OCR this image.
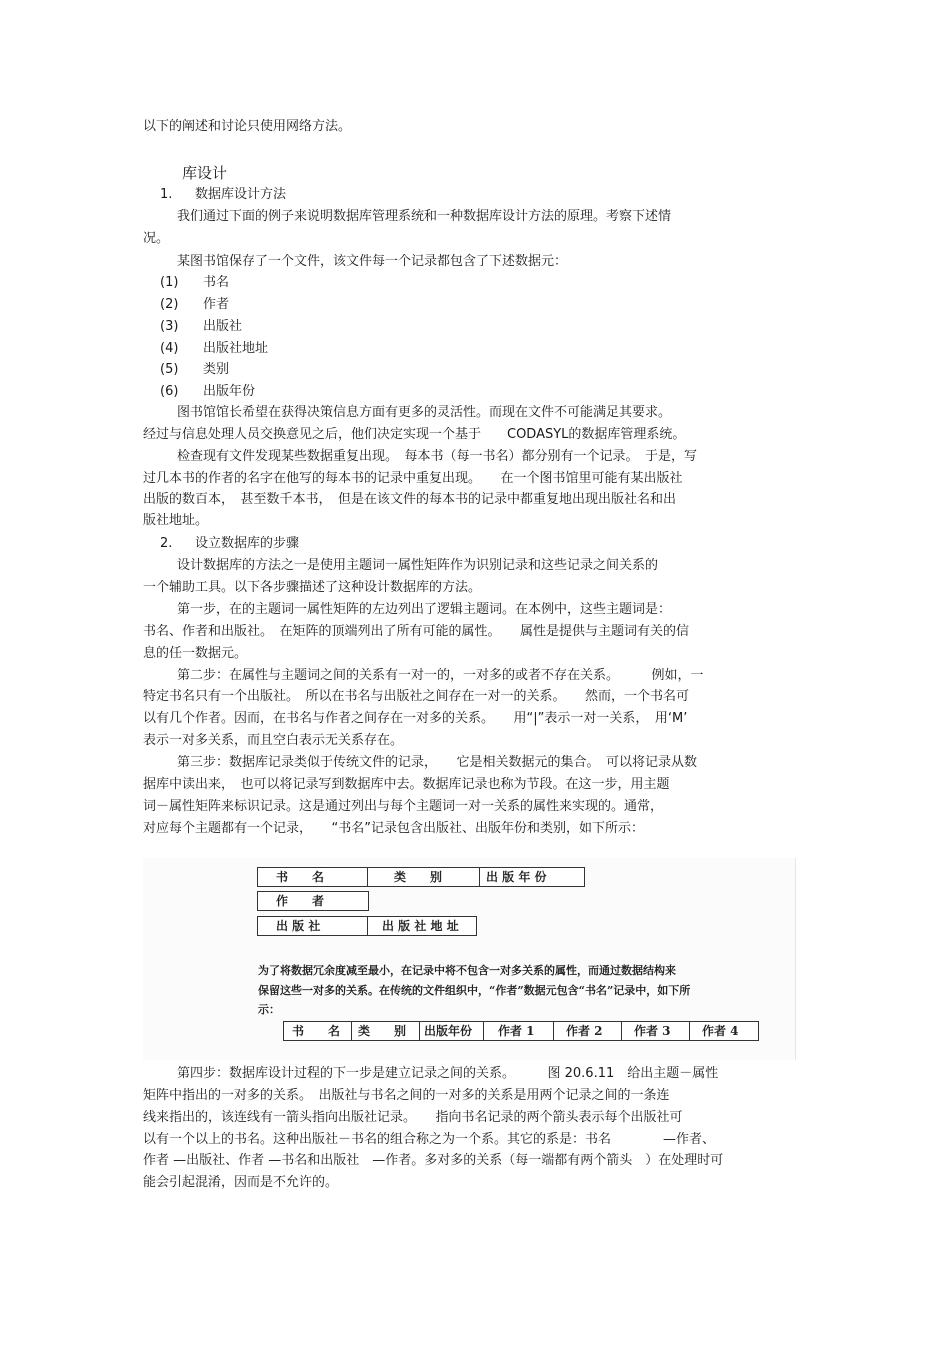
以下的阐述和讨论只使用网络方法。
库设计
1. 数据库设计方法
我们通过下面的例子来说明数据库管理系统和一种数据库设计方法的原理。考察下述情
况。
某图书馆保存了一个文件，该文件每一个记录都包含了下述数据元：
(1) 书名
(2) 作者
(3) 出版社
(4) 出版社地址
(5) 类别
(6) 出版年份
图书馆馆长希望在获得决策信息方面有更多的灵活性。而现在文件不可能满足其要求。
经过与信息处理人员交换意见之后，他们决定实现一个基于　　CODASYL的数据库管理系统。
检查现有文件发现某些数据重复出现。　每本书（每一书名）都分别有一个记录。　于是，写
过几本书的作者的名字在他写的每本书的记录中重复出现。　　在一个图书馆里可能有某出版社
出版的数百本，　甚至数千本书，　但是在该文件的每本书的记录中都重复地出现出版社名和出
版社地址。
2. 设立数据库的步骤
设计数据库的方法之一是使用主题词一属性矩阵作为识别记录和这些记录之间关系的
一个辅助工具。以下各步骤描述了这种设计数据库的方法。
第一步，在的主题词一属性矩阵的左边列出了逻辑主题词。在本例中，这些主题词是：
书名、作者和出版社。　在矩阵的顶端列出了所有可能的属性。　　属性是提供与主题词有关的信
息的任一数据元。
第二步：在属性与主题词之间的关系有一对一的，一对多的或者不存在关系。　　　例如，一
特定书名只有一个出版社。　所以在书名与出版社之间存在一对一的关系。　　然而，一个书名可
以有几个作者。因而，在书名与作者之间存在一对多的关系。　　用“|”表示一对一关系，　用‘M’
表示一对多关系，而且空白表示无关系存在。
第三步：数据库记录类似于传统文件的记录，　　它是相关数据元的集合。　可以将记录从数
据库中读出来，　也可以将记录写到数据库中去。数据库记录也称为节段。在这一步，用主题
词－属性矩阵来标识记录。这是通过列出与每个主题词一对一关系的属性来实现的。通常，
对应每个主题都有一个记录，　　“书名”记录包含出版社、出版年份和类别，如下所示：
书　　名	类　　别	出 版 年 份
作　　者
出 版 社	出 版 社 地 址
为了将数据冗余度减至最小，在记录中将不包含一对多关系的属性，而通过数据结构来
保留这些一对多的关系。在传统的文件组织中，“作者”数据元包含“书名”记录中，如下所
示：
书　　名	类　　别	出版年份	作者 1	作者 2	作者 3	作者 4
第四步：数据库设计过程的下一步是建立记录之间的关系。　　　图 20.6.11　给出主题－属性
矩阵中指出的一对多的关系。　出版社与书名之间的一对多的关系是用两个记录之间的一条连
线来指出的，该连线有一箭头指向出版社记录。　　指向书名记录的两个箭头表示每个出版社可
以有一个以上的书名。这种出版社－书名的组合称之为一个系。其它的系是：书名　　　　—作者、
作者 —出版社、作者 —书名和出版社　—作者。多对多的关系（每一端都有两个箭头　）在处理时可
能会引起混淆，因而是不允许的。
